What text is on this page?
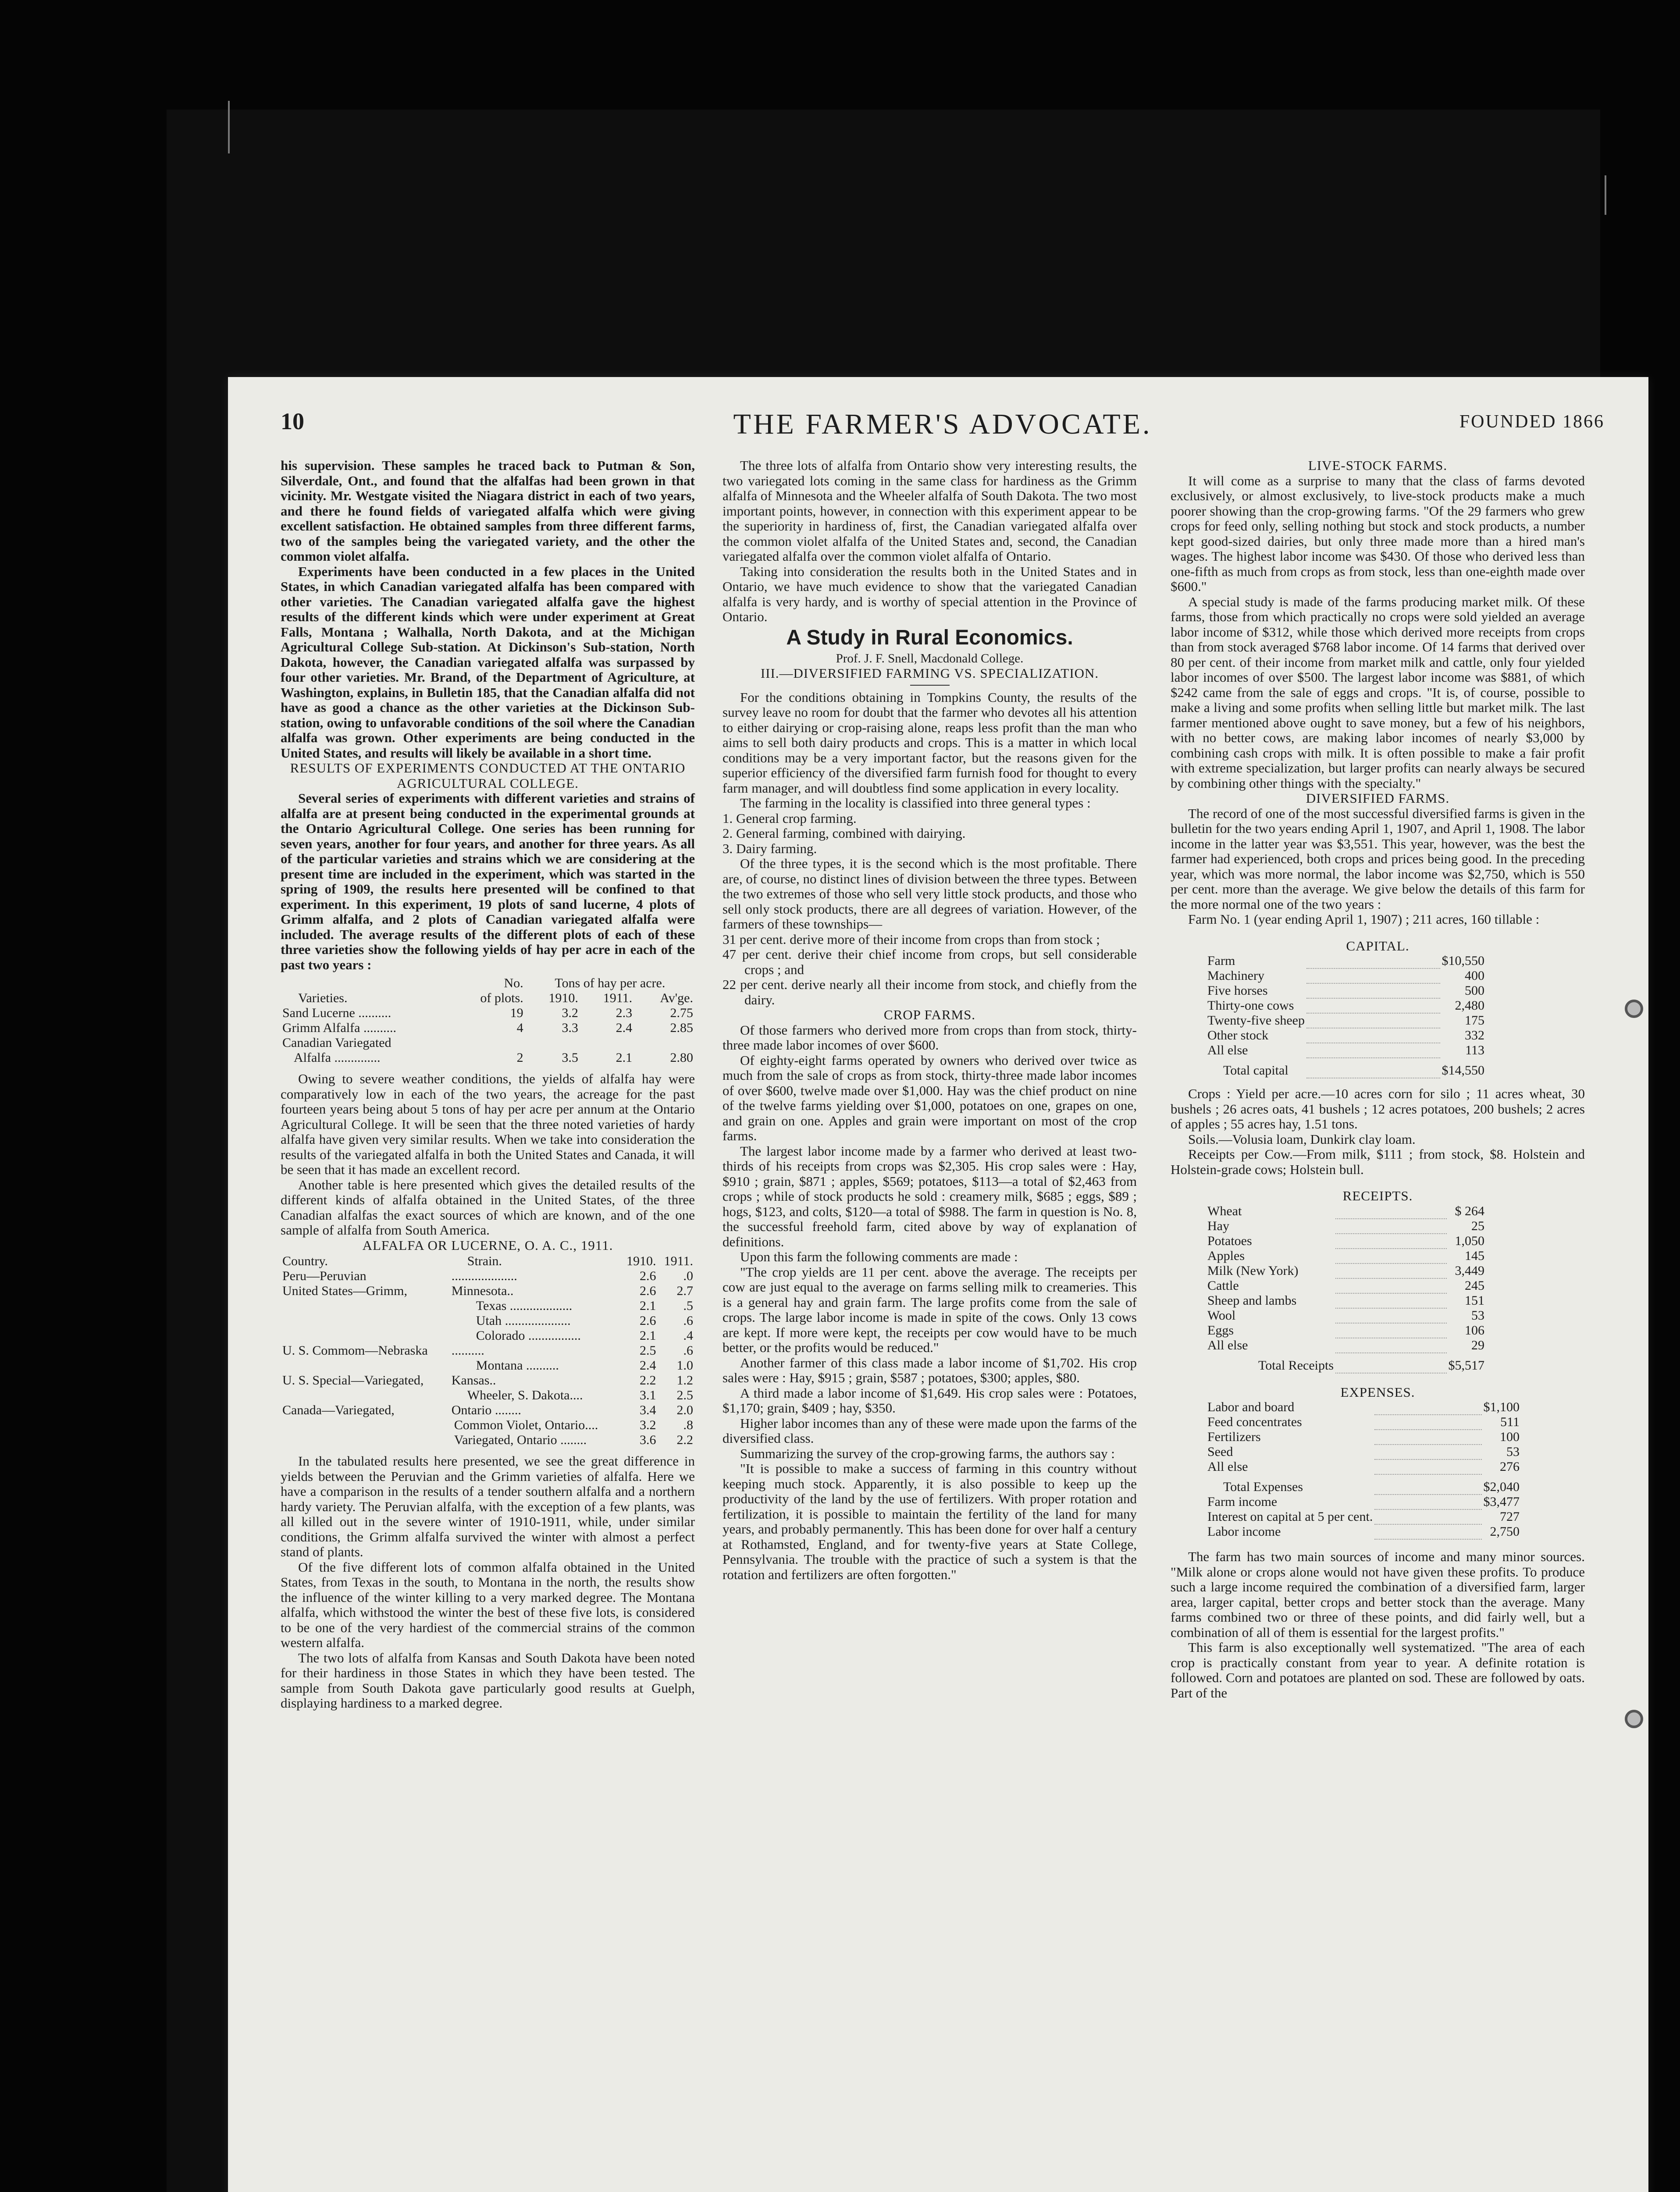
10	THE FARMER'S ADVOCATE.	FOUNDED 1866

his supervision. These samples he traced back to Putman & Son, Silverdale, Ont., and found that the alfalfas had been grown in that vicinity. Mr. Westgate visited the Niagara district in each of two years, and there he found fields of variegated alfalfa which were giving excellent satisfaction. He obtained samples from three different farms, two of the samples being the variegated variety, and the other the common violet alfalfa.

Experiments have been conducted in a few places in the United States, in which Canadian variegated alfalfa has been compared with other varieties. The Canadian variegated alfalfa gave the highest results of the different kinds which were under experiment at Great Falls, Montana ; Walhalla, North Dakota, and at the Michigan Agricultural College Sub-station. At Dickinson's Sub-station, North Dakota, however, the Canadian variegated alfalfa was surpassed by four other varieties. Mr. Brand, of the Department of Agriculture, at Washington, explains, in Bulletin 185, that the Canadian alfalfa did not have as good a chance as the other varieties at the Dickinson Sub-station, owing to unfavorable conditions of the soil where the Canadian alfalfa was grown. Other experiments are being conducted in the United States, and results will likely be available in a short time.

RESULTS OF EXPERIMENTS CONDUCTED AT THE ONTARIO AGRICULTURAL COLLEGE.

Several series of experiments with different varieties and strains of alfalfa are at present being conducted in the experimental grounds at the Ontario Agricultural College. One series has been running for seven years, another for four years, and another for three years. As all of the particular varieties and strains which we are considering at the present time are included in the experiment, which was started in the spring of 1909, the results here presented will be confined to that experiment. In this experiment, 19 plots of sand lucerne, 4 plots of Grimm alfalfa, and 2 plots of Canadian variegated alfalfa were included. The average results of the different plots of each of these three varieties show the following yields of hay per acre in each of the past two years :

	No.	Tons of hay per acre.		
Varieties.	of plots.	1910.	1911.	Av'ge.
Sand Lucerne ..........	19	3.2	2.3	2.75
Grimm Alfalfa ..........	4	3.3	2.4	2.85
Canadian Variegated				
Alfalfa ..............	2	3.5	2.1	2.80

Owing to severe weather conditions, the yields of alfalfa hay were comparatively low in each of the two years, the acreage for the past fourteen years being about 5 tons of hay per acre per annum at the Ontario Agricultural College. It will be seen that the three noted varieties of hardy alfalfa have given very similar results. When we take into consideration the results of the variegated alfalfa in both the United States and Canada, it will be seen that it has made an excellent record.

Another table is here presented which gives the detailed results of the different kinds of alfalfa obtained in the United States, of the three Canadian alfalfas the exact sources of which are known, and of the one sample of alfalfa from South America.

ALFALFA OR LUCERNE, O. A. C., 1911.

Country.	Strain.	1910.	1911.
Peru—Peruvian	....................	2.6	.0
United States—Grimm,	Minnesota..	2.6	2.7
	Texas ...................	2.1	.5
	Utah ....................	2.6	.6
	Colorado ................	2.1	.4
U. S. Commom—Nebraska	..........	2.5	.6
	Montana ..........	2.4	1.0
U. S. Special—Variegated,	Kansas..	2.2	1.2
	Wheeler, S. Dakota....	3.1	2.5
Canada—Variegated,	Ontario ........	3.4	2.0
	Common Violet, Ontario....	3.2	.8
	Variegated, Ontario ........	3.6	2.2

In the tabulated results here presented, we see the great difference in yields between the Peruvian and the Grimm varieties of alfalfa. Here we have a comparison in the results of a tender southern alfalfa and a northern hardy variety. The Peruvian alfalfa, with the exception of a few plants, was all killed out in the severe winter of 1910-1911, while, under similar conditions, the Grimm alfalfa survived the winter with almost a perfect stand of plants.

Of the five different lots of common alfalfa obtained in the United States, from Texas in the south, to Montana in the north, the results show the influence of the winter killing to a very marked degree. The Montana alfalfa, which withstood the winter the best of these five lots, is considered to be one of the very hardiest of the commercial strains of the common western alfalfa.

The two lots of alfalfa from Kansas and South Dakota have been noted for their hardiness in those States in which they have been tested. The sample from South Dakota gave particularly good results at Guelph, displaying hardiness to a marked degree.

The three lots of alfalfa from Ontario show very interesting results, the two variegated lots coming in the same class for hardiness as the Grimm alfalfa of Minnesota and the Wheeler alfalfa of South Dakota. The two most important points, however, in connection with this experiment appear to be the superiority in hardiness of, first, the Canadian variegated alfalfa over the common violet alfalfa of the United States and, second, the Canadian variegated alfalfa over the common violet alfalfa of Ontario.

Taking into consideration the results both in the United States and in Ontario, we have much evidence to show that the variegated Canadian alfalfa is very hardy, and is worthy of special attention in the Province of Ontario.

A Study in Rural Economics.

Prof. J. F. Snell, Macdonald College.

III.—DIVERSIFIED FARMING VS. SPECIALIZATION.

For the conditions obtaining in Tompkins County, the results of the survey leave no room for doubt that the farmer who devotes all his attention to either dairying or crop-raising alone, reaps less profit than the man who aims to sell both dairy products and crops. This is a matter in which local conditions may be a very important factor, but the reasons given for the superior efficiency of the diversified farm furnish food for thought to every farm manager, and will doubtless find some application in every locality.

The farming in the locality is classified into three general types :

1. General crop farming.

2. General farming, combined with dairying.

3. Dairy farming.

Of the three types, it is the second which is the most profitable. There are, of course, no distinct lines of division between the three types. Between the two extremes of those who sell very little stock products, and those who sell only stock products, there are all degrees of variation. However, of the farmers of these townships—

31 per cent. derive more of their income from crops than from stock ;

47 per cent. derive their chief income from crops, but sell considerable crops ; and

22 per cent. derive nearly all their income from stock, and chiefly from the dairy.

CROP FARMS.

Of those farmers who derived more from crops than from stock, thirty-three made labor incomes of over $600.

Of eighty-eight farms operated by owners who derived over twice as much from the sale of crops as from stock, thirty-three made labor incomes of over $600, twelve made over $1,000. Hay was the chief product on nine of the twelve farms yielding over $1,000, potatoes on one, grapes on one, and grain on one. Apples and grain were important on most of the crop farms.

The largest labor income made by a farmer who derived at least two-thirds of his receipts from crops was $2,305. His crop sales were : Hay, $910 ; grain, $871 ; apples, $569; potatoes, $113—a total of $2,463 from crops ; while of stock products he sold : creamery milk, $685 ; eggs, $89 ; hogs, $123, and colts, $120—a total of $988. The farm in question is No. 8, the successful freehold farm, cited above by way of explanation of definitions.

Upon this farm the following comments are made :

"The crop yields are 11 per cent. above the average. The receipts per cow are just equal to the average on farms selling milk to creameries. This is a general hay and grain farm. The large profits come from the sale of crops. The large labor income is made in spite of the cows. Only 13 cows are kept. If more were kept, the receipts per cow would have to be much better, or the profits would be reduced."

Another farmer of this class made a labor income of $1,702. His crop sales were : Hay, $915 ; grain, $587 ; potatoes, $300; apples, $80.

A third made a labor income of $1,649. His crop sales were : Potatoes, $1,170; grain, $409 ; hay, $350.

Higher labor incomes than any of these were made upon the farms of the diversified class.

Summarizing the survey of the crop-growing farms, the authors say :

"It is possible to make a success of farming in this country without keeping much stock. Apparently, it is also possible to keep up the productivity of the land by the use of fertilizers. With proper rotation and fertilization, it is possible to maintain the fertility of the land for many years, and probably permanently. This has been done for over half a century at Rothamsted, England, and for twenty-five years at State College, Pennsylvania. The trouble with the practice of such a system is that the rotation and fertilizers are often forgotten."

LIVE-STOCK FARMS.

It will come as a surprise to many that the class of farms devoted exclusively, or almost exclusively, to live-stock products make a much poorer showing than the crop-growing farms. "Of the 29 farmers who grew crops for feed only, selling nothing but stock and stock products, a number kept good-sized dairies, but only three made more than a hired man's wages. The highest labor income was $430. Of those who derived less than one-fifth as much from crops as from stock, less than one-eighth made over $600."

A special study is made of the farms producing market milk. Of these farms, those from which practically no crops were sold yielded an average labor income of $312, while those which derived more receipts from crops than from stock averaged $768 labor income. Of 14 farms that derived over 80 per cent. of their income from market milk and cattle, only four yielded labor incomes of over $500. The largest labor income was $881, of which $242 came from the sale of eggs and crops. "It is, of course, possible to make a living and some profits when selling little but market milk. The last farmer mentioned above ought to save money, but a few of his neighbors, with no better cows, are making labor incomes of nearly $3,000 by combining cash crops with milk. It is often possible to make a fair profit with extreme specialization, but larger profits can nearly always be secured by combining other things with the specialty."

DIVERSIFIED FARMS.

The record of one of the most successful diversified farms is given in the bulletin for the two years ending April 1, 1907, and April 1, 1908. The labor income in the latter year was $3,551. This year, however, was the best the farmer had experienced, both crops and prices being good. In the preceding year, which was more normal, the labor income was $2,750, which is 550 per cent. more than the average. We give below the details of this farm for the more normal one of the two years :

Farm No. 1 (year ending April 1, 1907) ; 211 acres, 160 tillable :

CAPITAL.

Farm		$10,550
Machinery		400
Five horses		500
Thirty-one cows		2,480
Twenty-five sheep		175
Other stock		332
All else		113
Total capital		$14,550

Crops : Yield per acre.—10 acres corn for silo ; 11 acres wheat, 30 bushels ; 26 acres oats, 41 bushels ; 12 acres potatoes, 200 bushels; 2 acres of apples ; 55 acres hay, 1.51 tons.

Soils.—Volusia loam, Dunkirk clay loam.

Receipts per Cow.—From milk, $111 ; from stock, $8. Holstein and Holstein-grade cows; Holstein bull.

RECEIPTS.

Wheat		$ 264
Hay		25
Potatoes		1,050
Apples		145
Milk (New York)		3,449
Cattle		245
Sheep and lambs		151
Wool		53
Eggs		106
All else		29
Total Receipts		$5,517

EXPENSES.

Labor and board		$1,100
Feed concentrates		511
Fertilizers		100
Seed		53
All else		276
Total Expenses		$2,040
Farm income		$3,477
Interest on capital at 5 per cent.		727
Labor income		2,750

The farm has two main sources of income and many minor sources. "Milk alone or crops alone would not have given these profits. To produce such a large income required the combination of a diversified farm, larger area, larger capital, better crops and better stock than the average. Many farms combined two or three of these points, and did fairly well, but a combination of all of them is essential for the largest profits."

This farm is also exceptionally well systematized. "The area of each crop is practically constant from year to year. A definite rotation is followed. Corn and potatoes are planted on sod. These are followed by oats. Part of the
